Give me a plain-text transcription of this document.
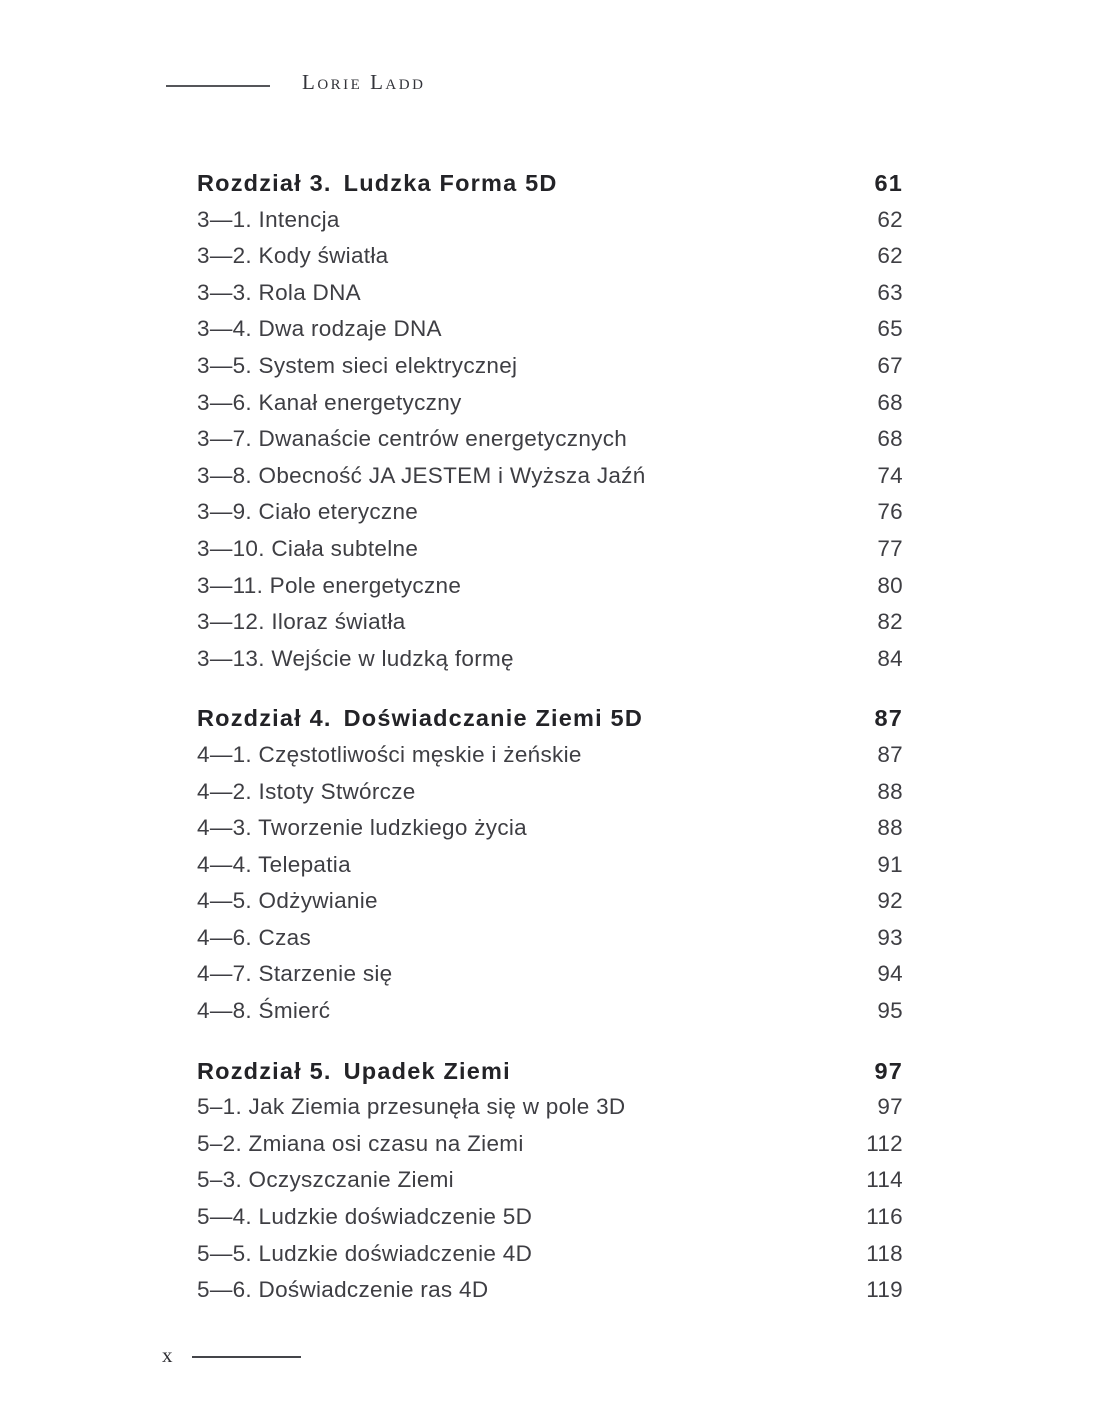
Lorie Ladd
Rozdział 3. Ludzka Forma 5D	61
3—1. Intencja	62
3—2. Kody światła	62
3—3. Rola DNA	63
3—4. Dwa rodzaje DNA	65
3—5. System sieci elektrycznej	67
3—6. Kanał energetyczny	68
3—7. Dwanaście centrów energetycznych	68
3—8. Obecność JA JESTEM i Wyższa Jaźń	74
3—9. Ciało eteryczne	76
3—10. Ciała subtelne	77
3—11. Pole energetyczne	80
3—12. Iloraz światła	82
3—13. Wejście w ludzką formę	84
Rozdział 4. Doświadczanie Ziemi 5D	87
4—1. Częstotliwości męskie i żeńskie	87
4—2. Istoty Stwórcze	88
4—3. Tworzenie ludzkiego życia	88
4—4. Telepatia	91
4—5. Odżywianie	92
4—6. Czas	93
4—7. Starzenie się	94
4—8. Śmierć	95
Rozdział 5. Upadek Ziemi	97
5–1. Jak Ziemia przesunęła się w pole 3D	97
5–2. Zmiana osi czasu na Ziemi	112
5–3. Oczyszczanie Ziemi	114
5—4. Ludzkie doświadczenie 5D	116
5—5. Ludzkie doświadczenie 4D	118
5—6. Doświadczenie ras 4D	119
x
